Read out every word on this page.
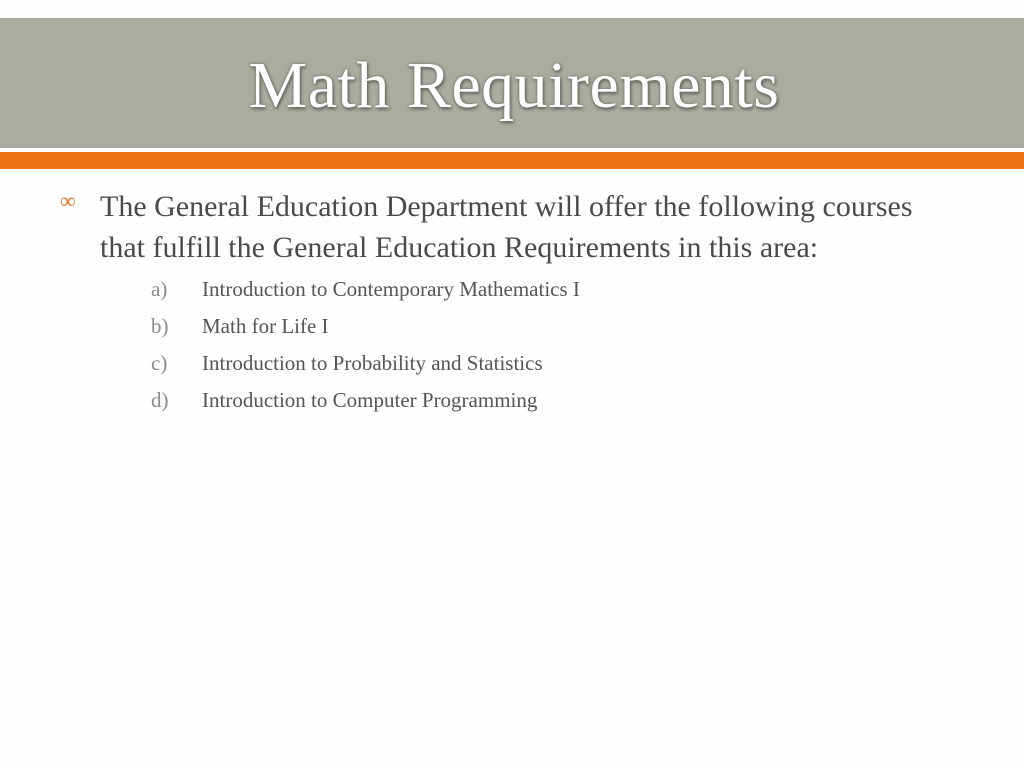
Math Requirements
∞ The General Education Department will offer the following courses that fulfill the General Education Requirements in this area:

a) Introduction to Contemporary Mathematics I
b) Math for Life I
c) Introduction to Probability and Statistics
d) Introduction to Computer Programming
